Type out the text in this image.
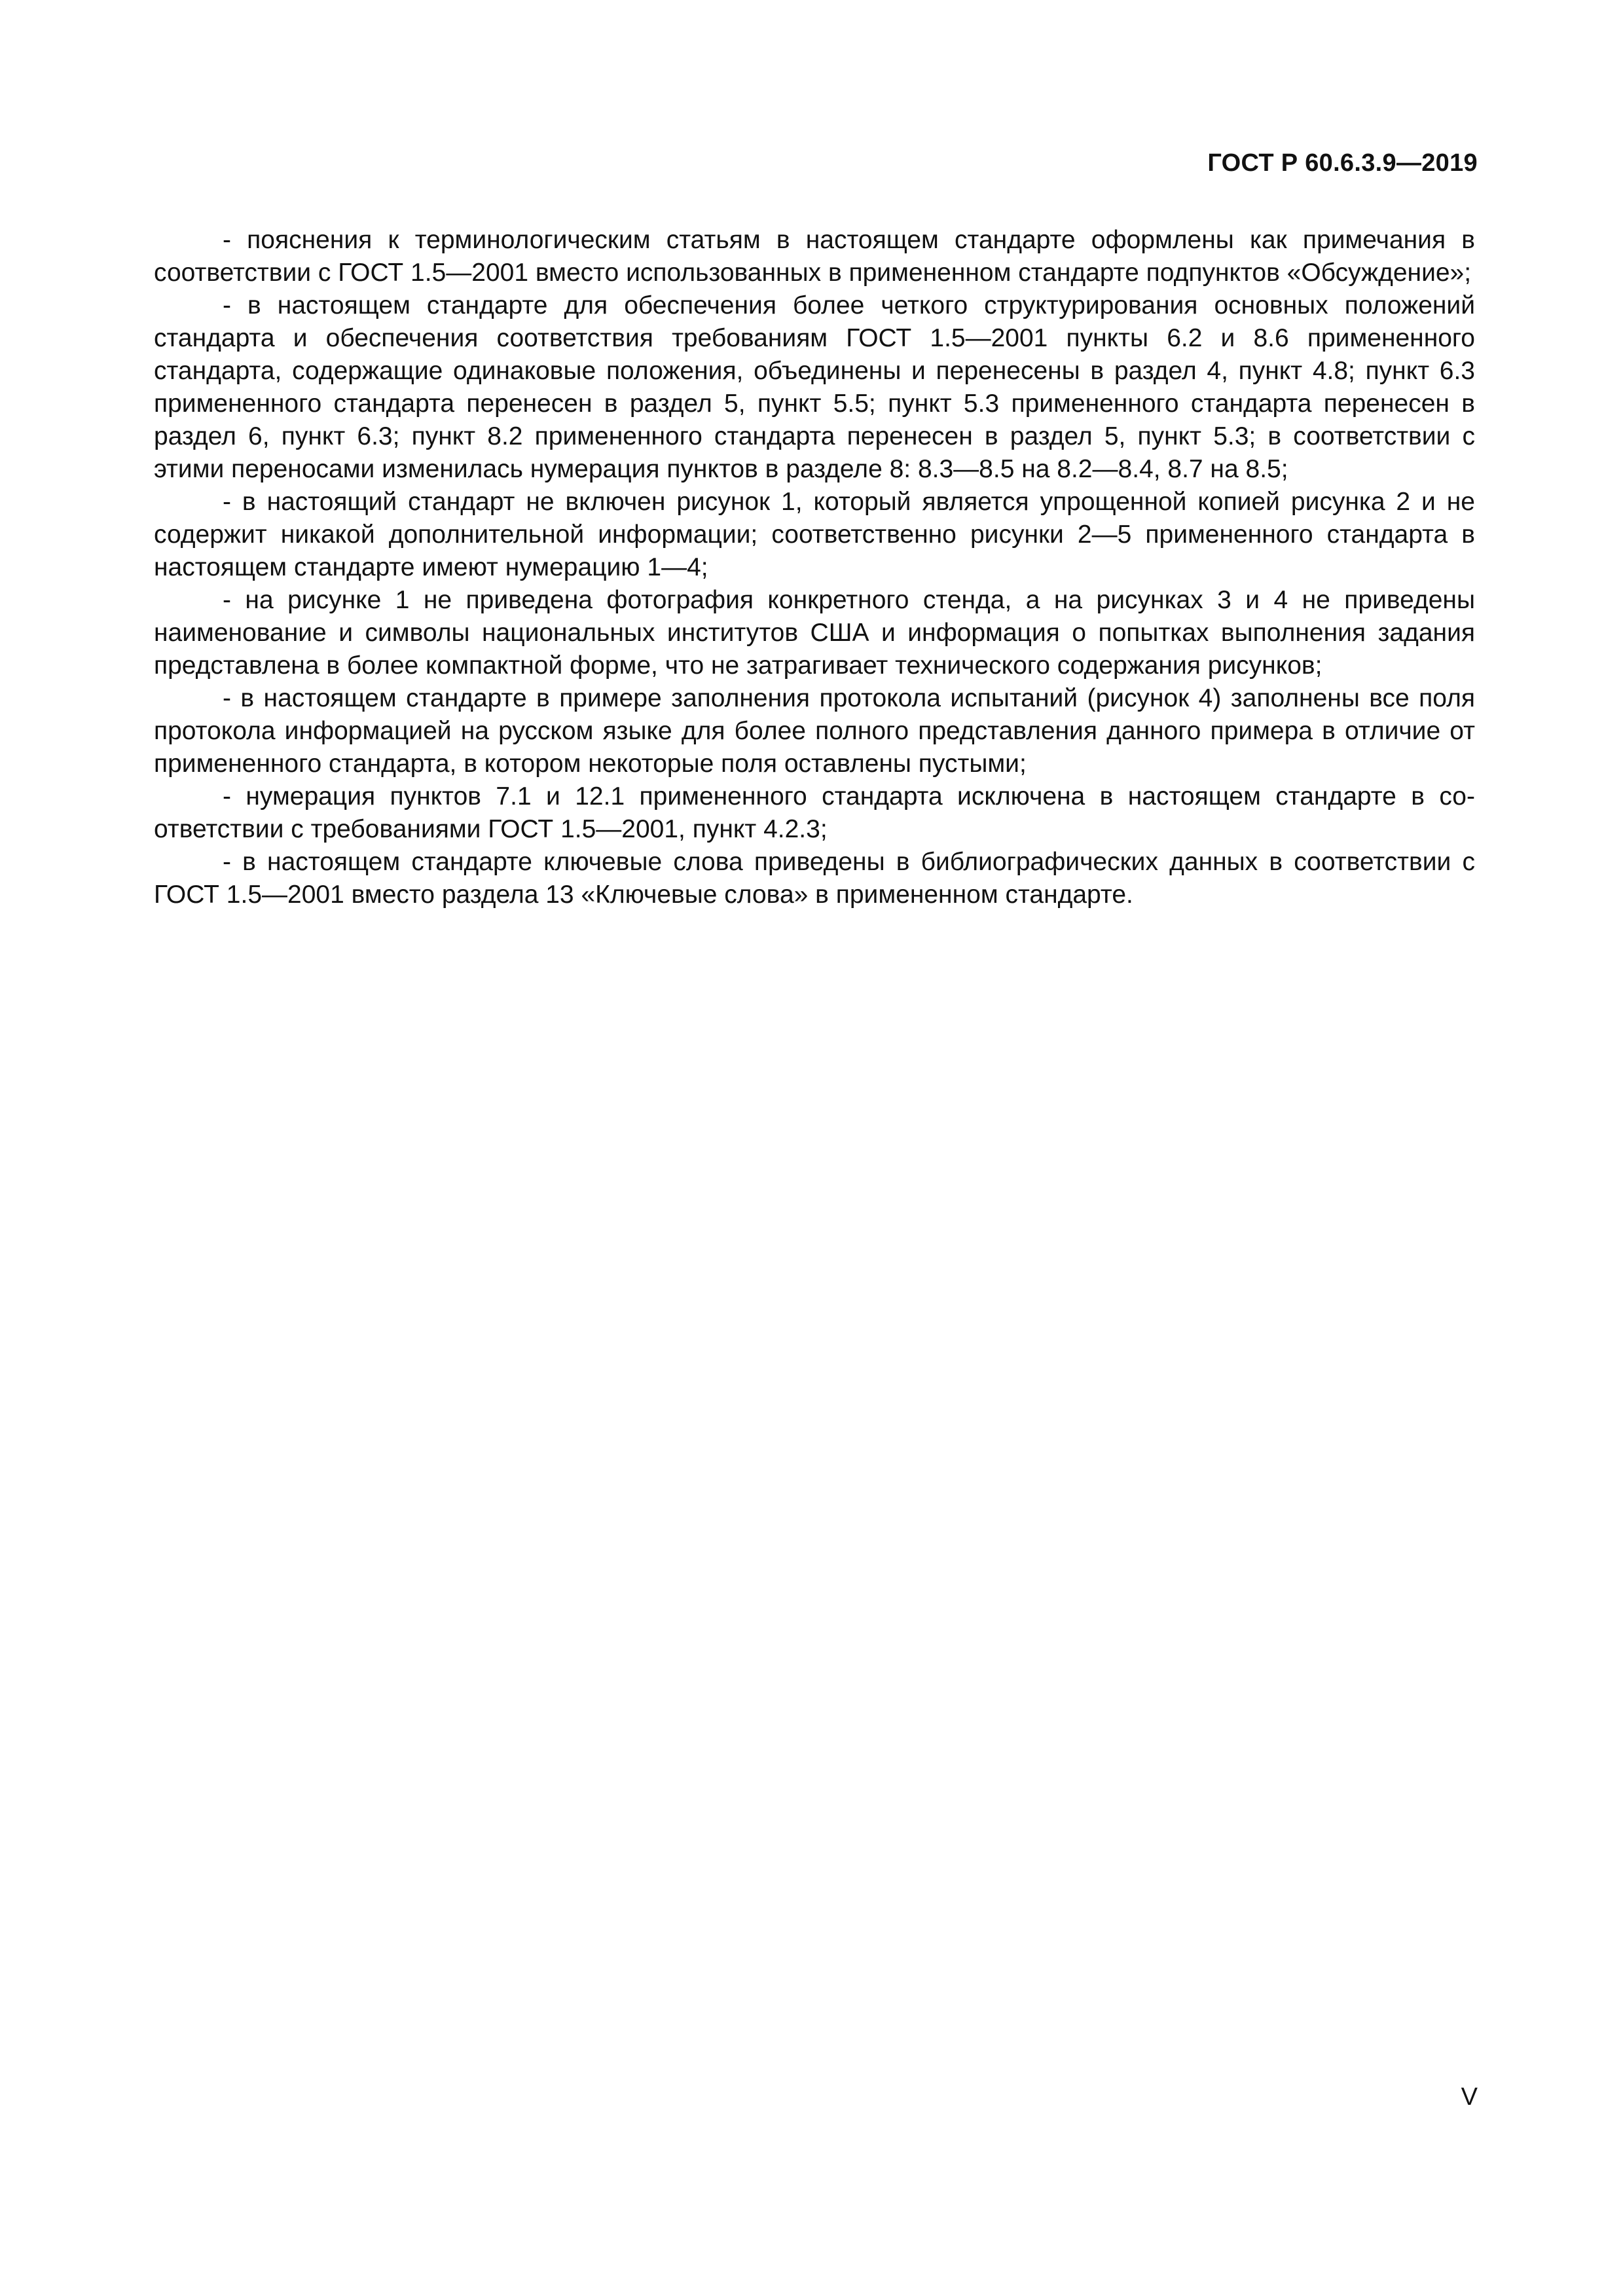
ГОСТ Р 60.6.3.9—2019

- пояснения к терминологическим статьям в настоящем стандарте оформлены как примечания в соответствии с ГОСТ 1.5—2001 вместо использованных в примененном стандарте подпунктов «Обсуждение»;

- в настоящем стандарте для обеспечения более четкого структурирования основных положений стандарта и обеспечения соответствия требованиям ГОСТ 1.5—2001 пункты 6.2 и 8.6 примененного стандарта, содержащие одинаковые положения, объединены и перенесены в раздел 4, пункт 4.8; пункт 6.3 примененного стандарта перенесен в раздел 5, пункт 5.5; пункт 5.3 примененного стандарта перенесен в раздел 6, пункт 6.3; пункт 8.2 примененного стандарта перенесен в раздел 5, пункт 5.3; в соответствии с этими переносами изменилась нумерация пунктов в разделе 8: 8.3—8.5 на 8.2—8.4, 8.7 на 8.5;

- в настоящий стандарт не включен рисунок 1, который является упрощенной копией рисунка 2 и не содержит никакой дополнительной информации; соответственно рисунки 2—5 примененного стандарта в настоящем стандарте имеют нумерацию 1—4;

- на рисунке 1 не приведена фотография конкретного стенда, а на рисунках 3 и 4 не приведены наименование и символы национальных институтов США и информация о попытках выполнения задания представлена в более компактной форме, что не затрагивает технического содержания рисунков;

- в настоящем стандарте в примере заполнения протокола испытаний (рисунок 4) заполнены все поля протокола информацией на русском языке для более полного представления данного примера в отличие от примененного стандарта, в котором некоторые поля оставлены пустыми;

- нумерация пунктов 7.1 и 12.1 примененного стандарта исключена в настоящем стандарте в соответствии с требованиями ГОСТ 1.5—2001, пункт 4.2.3;

- в настоящем стандарте ключевые слова приведены в библиографических данных в соответствии с ГОСТ 1.5—2001 вместо раздела 13 «Ключевые слова» в примененном стандарте.

V
